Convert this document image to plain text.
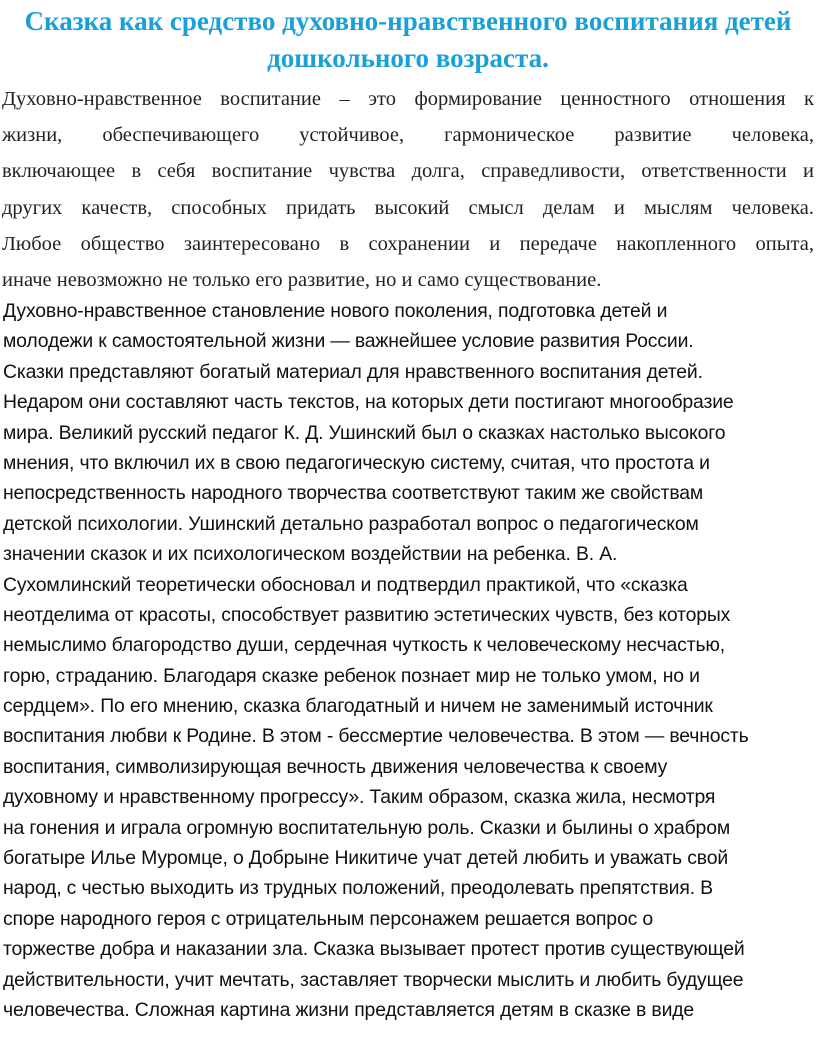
Сказка как средство духовно-нравственного воспитания детей
дошкольного возраста.
Духовно-нравственное воспитание – это формирование ценностного отношения к
жизни, обеспечивающего устойчивое, гармоническое развитие человека,
включающее в себя воспитание чувства долга, справедливости, ответственности и
других качеств, способных придать высокий смысл делам и мыслям человека.
Любое общество заинтересовано в сохранении и передаче накопленного опыта,
иначе невозможно не только его развитие, но и само существование.
Духовно-нравственное становление нового поколения, подготовка детей и
молодежи к самостоятельной жизни — важнейшее условие развития России.
Сказки представляют богатый материал для нравственного воспитания детей.
Недаром они составляют часть текстов, на которых дети постигают многообразие
мира. Великий русский педагог К. Д. Ушинский был о сказках настолько высокого
мнения, что включил их в свою педагогическую систему, считая, что простота и
непосредственность народного творчества соответствуют таким же свойствам
детской психологии. Ушинский детально разработал вопрос о педагогическом
значении сказок и их психологическом воздействии на ребенка. В. А.
Сухомлинский теоретически обосновал и подтвердил практикой, что «сказка
неотделима от красоты, способствует развитию эстетических чувств, без которых
немыслимо благородство души, сердечная чуткость к человеческому несчастью,
горю, страданию. Благодаря сказке ребенок познает мир не только умом, но и
сердцем». По его мнению, сказка благодатный и ничем не заменимый источник
воспитания любви к Родине. В этом - бессмертие человечества. В этом — вечность
воспитания, символизирующая вечность движения человечества к своему
духовному и нравственному прогрессу». Таким образом, сказка жила, несмотря
на гонения и играла огромную воспитательную роль. Сказки и былины о храбром
богатыре Илье Муромце, о Добрыне Никитиче учат детей любить и уважать свой
народ, с честью выходить из трудных положений, преодолевать препятствия. В
споре народного героя с отрицательным персонажем решается вопрос о
торжестве добра и наказании зла. Сказка вызывает протест против существующей
действительности, учит мечтать, заставляет творчески мыслить и любить будущее
человечества. Сложная картина жизни представляется детям в сказке в виде
